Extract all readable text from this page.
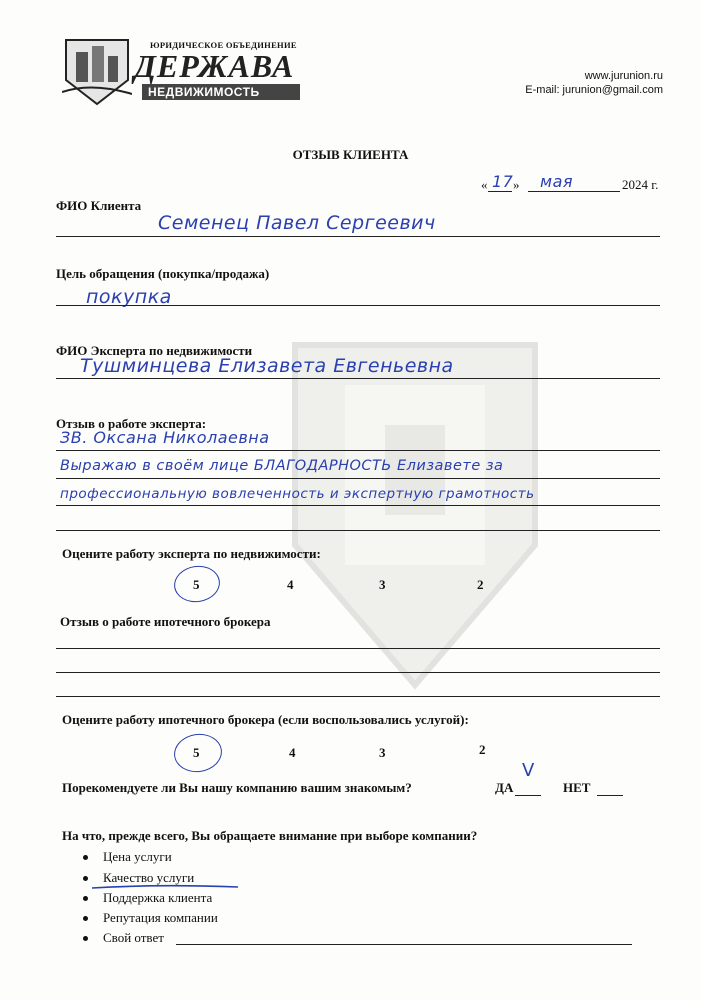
ЮРИДИЧЕСКОЕ ОБЪЕДИНЕНИЕ
ДЕРЖАВА
НЕДВИЖИМОСТЬ
www.jurunion.ru
E-mail: jurunion@gmail.com
ОТЗЫВ КЛИЕНТА
« 17 » мая	2024 г.
ФИО Клиента
Семенец Павел Сергеевич
Цель обращения (покупка/продажа)
покупка
ФИО Эксперта по недвижимости
Тушминцева Елизавета Евгеньевна
Отзыв о работе эксперта:
ЗВ. Оксана Николаевна
Выражаю в своём лице БЛАГОДАРНОСТЬ Елизавете за
профессиональную вовлеченность и экспертную грамотность
Оцените работу эксперта по недвижимости:
5	4	3	2
Отзыв о работе ипотечного брокера
Оцените работу ипотечного брокера (если воспользовались услугой):
5	4	3	2
Порекомендуете ли Вы нашу компанию вашим знакомым?	ДА
V
НЕТ
На что, прежде всего, Вы обращаете внимание при выборе компании?
Цена услуги
Качество услуги
Поддержка клиента
Репутация компании
Свой ответ
